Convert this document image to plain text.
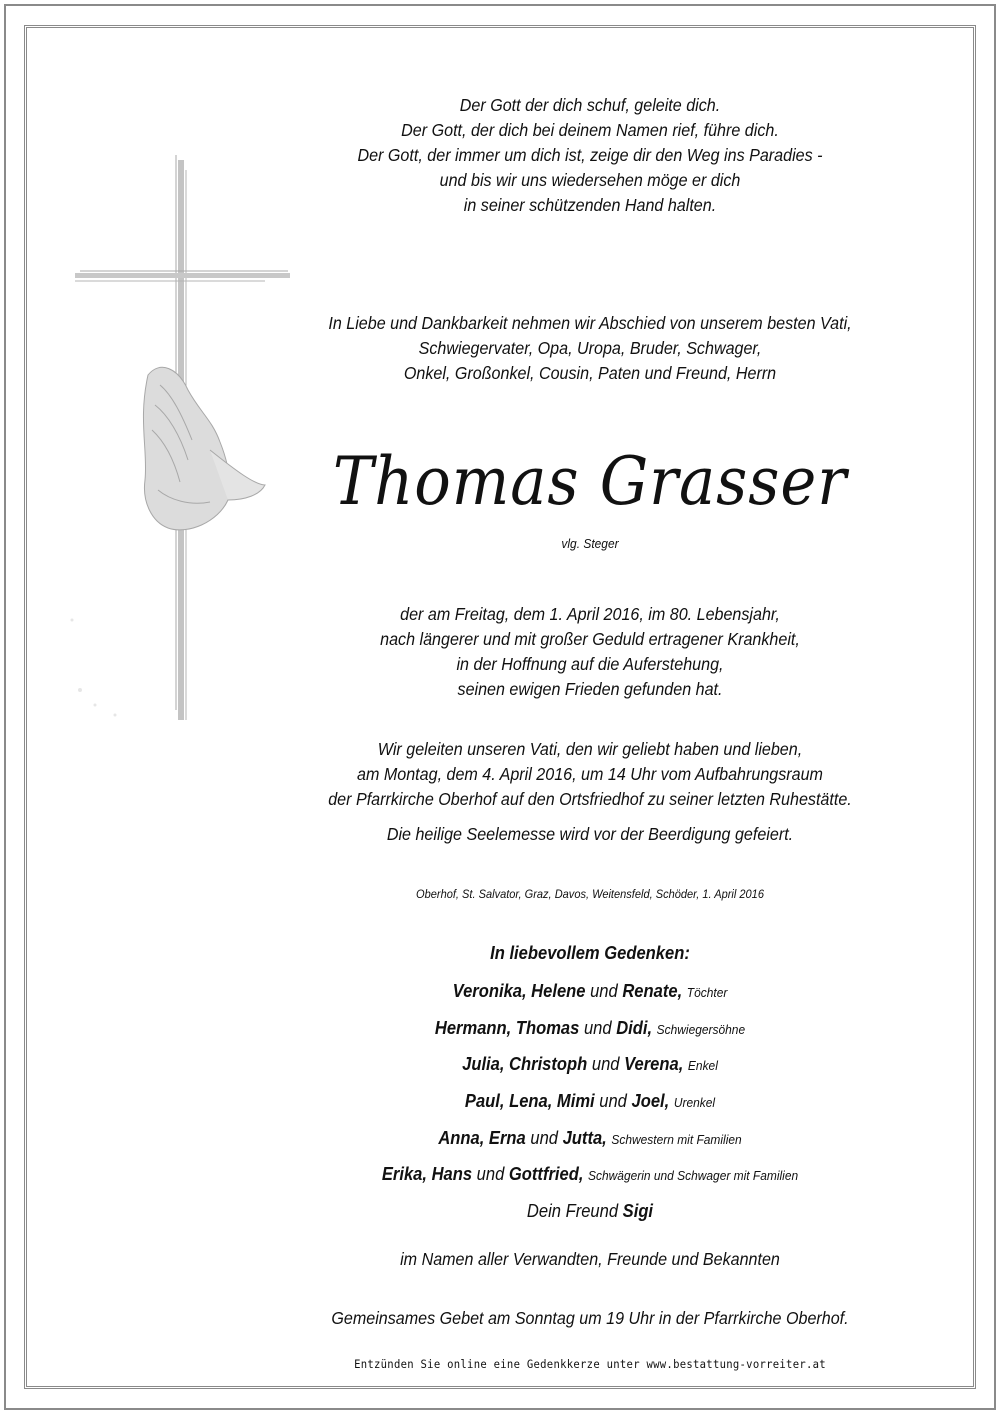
Der Gott der dich schuf, geleite dich.
Der Gott, der dich bei deinem Namen rief, führe dich.
Der Gott, der immer um dich ist, zeige dir den Weg ins Paradies -
und bis wir uns wiedersehen möge er dich
in seiner schützenden Hand halten.
In Liebe und Dankbarkeit nehmen wir Abschied von unserem besten Vati,
Schwiegervater, Opa, Uropa, Bruder, Schwager,
Onkel, Großonkel, Cousin, Paten und Freund, Herrn
Thomas Grasser
vlg. Steger
der am Freitag, dem 1. April 2016, im 80. Lebensjahr,
nach längerer und mit großer Geduld ertragener Krankheit,
in der Hoffnung auf die Auferstehung,
seinen ewigen Frieden gefunden hat.
Wir geleiten unseren Vati, den wir geliebt haben und lieben,
am Montag, dem 4. April 2016, um 14 Uhr vom Aufbahrungsraum
der Pfarrkirche Oberhof auf den Ortsfriedhof zu seiner letzten Ruhestätte.
Die heilige Seelemesse wird vor der Beerdigung gefeiert.
Oberhof, St. Salvator, Graz, Davos, Weitensfeld, Schöder, 1. April 2016
In liebevollem Gedenken:
Veronika, Helene und Renate, Töchter
Hermann, Thomas und Didi, Schwiegersöhne
Julia, Christoph und Verena, Enkel
Paul, Lena, Mimi und Joel, Urenkel
Anna, Erna und Jutta, Schwestern mit Familien
Erika, Hans und Gottfried, Schwägerin und Schwager mit Familien
Dein Freund Sigi
im Namen aller Verwandten, Freunde und Bekannten
Gemeinsames Gebet am Sonntag um 19 Uhr in der Pfarrkirche Oberhof.
Entzünden Sie online eine Gedenkkerze unter www.bestattung-vorreiter.at
